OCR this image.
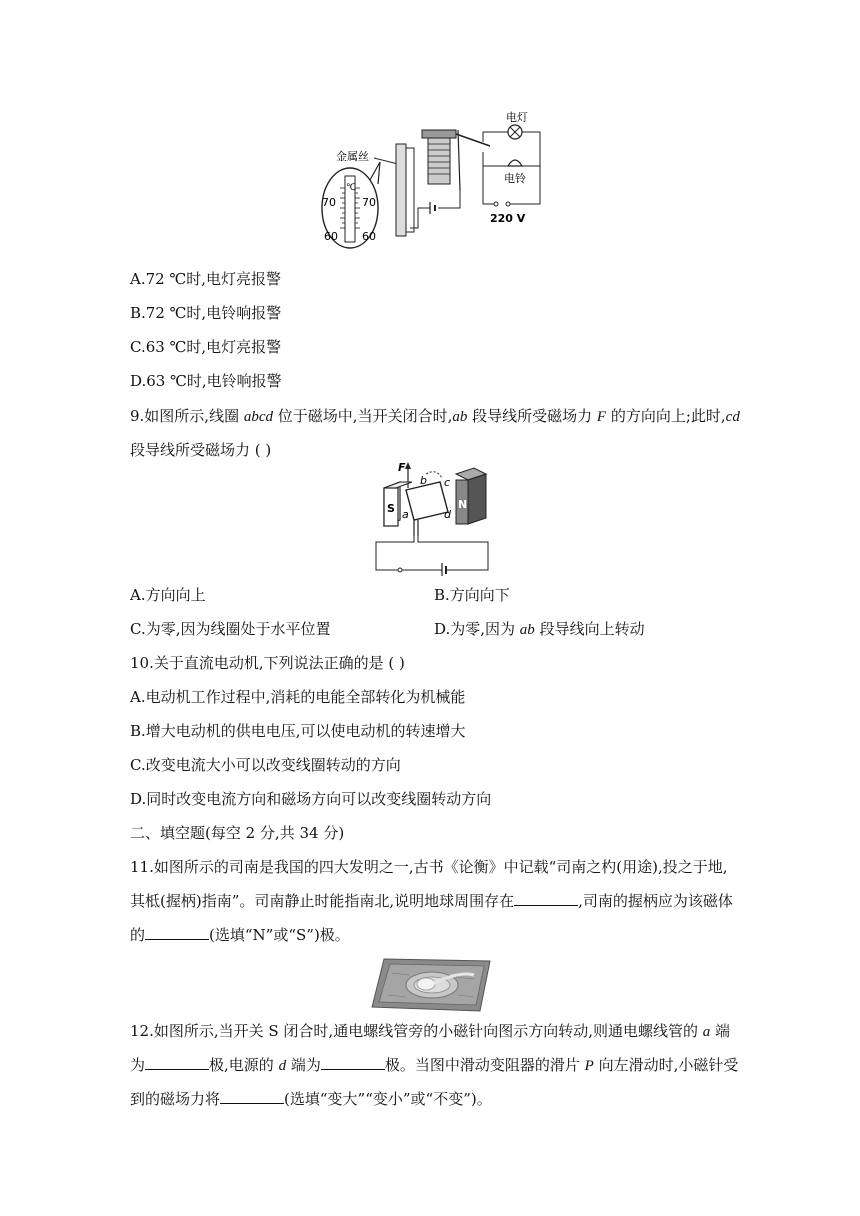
70 70
60 60
℃
金属丝
电灯
电铃
220 V
A.72 ℃时,电灯亮报警
B.72 ℃时,电铃响报警
C.63 ℃时,电灯亮报警
D.63 ℃时,电铃响报警
9.如图所示,线圈 abcd 位于磁场中,当开关闭合时,ab 段导线所受磁场力 F 的方向向上;此时,cd
段导线所受磁场力 ( )
F
S	N
b c
a	d
A.方向向上	B.方向向下
C.为零,因为线圈处于水平位置	D.为零,因为 ab 段导线向上转动
10.关于直流电动机,下列说法正确的是 ( )
A.电动机工作过程中,消耗的电能全部转化为机械能
B.增大电动机的供电电压,可以使电动机的转速增大
C.改变电流大小可以改变线圈转动的方向
D.同时改变电流方向和磁场方向可以改变线圈转动方向
二、填空题(每空 2 分,共 34 分)
11.如图所示的司南是我国的四大发明之一,古书《论衡》中记载“司南之杓(用途),投之于地,
其柢(握柄)指南”。司南静止时能指南北,说明地球周围存在	,司南的握柄应为该磁体
的	(选填“N”或“S”)极。
12.如图所示,当开关 S 闭合时,通电螺线管旁的小磁针向图示方向转动,则通电螺线管的 a 端
为	极,电源的 d 端为	极。当图中滑动变阻器的滑片 P 向左滑动时,小磁针受
到的磁场力将	(选填“变大”“变小”或“不变”)。
